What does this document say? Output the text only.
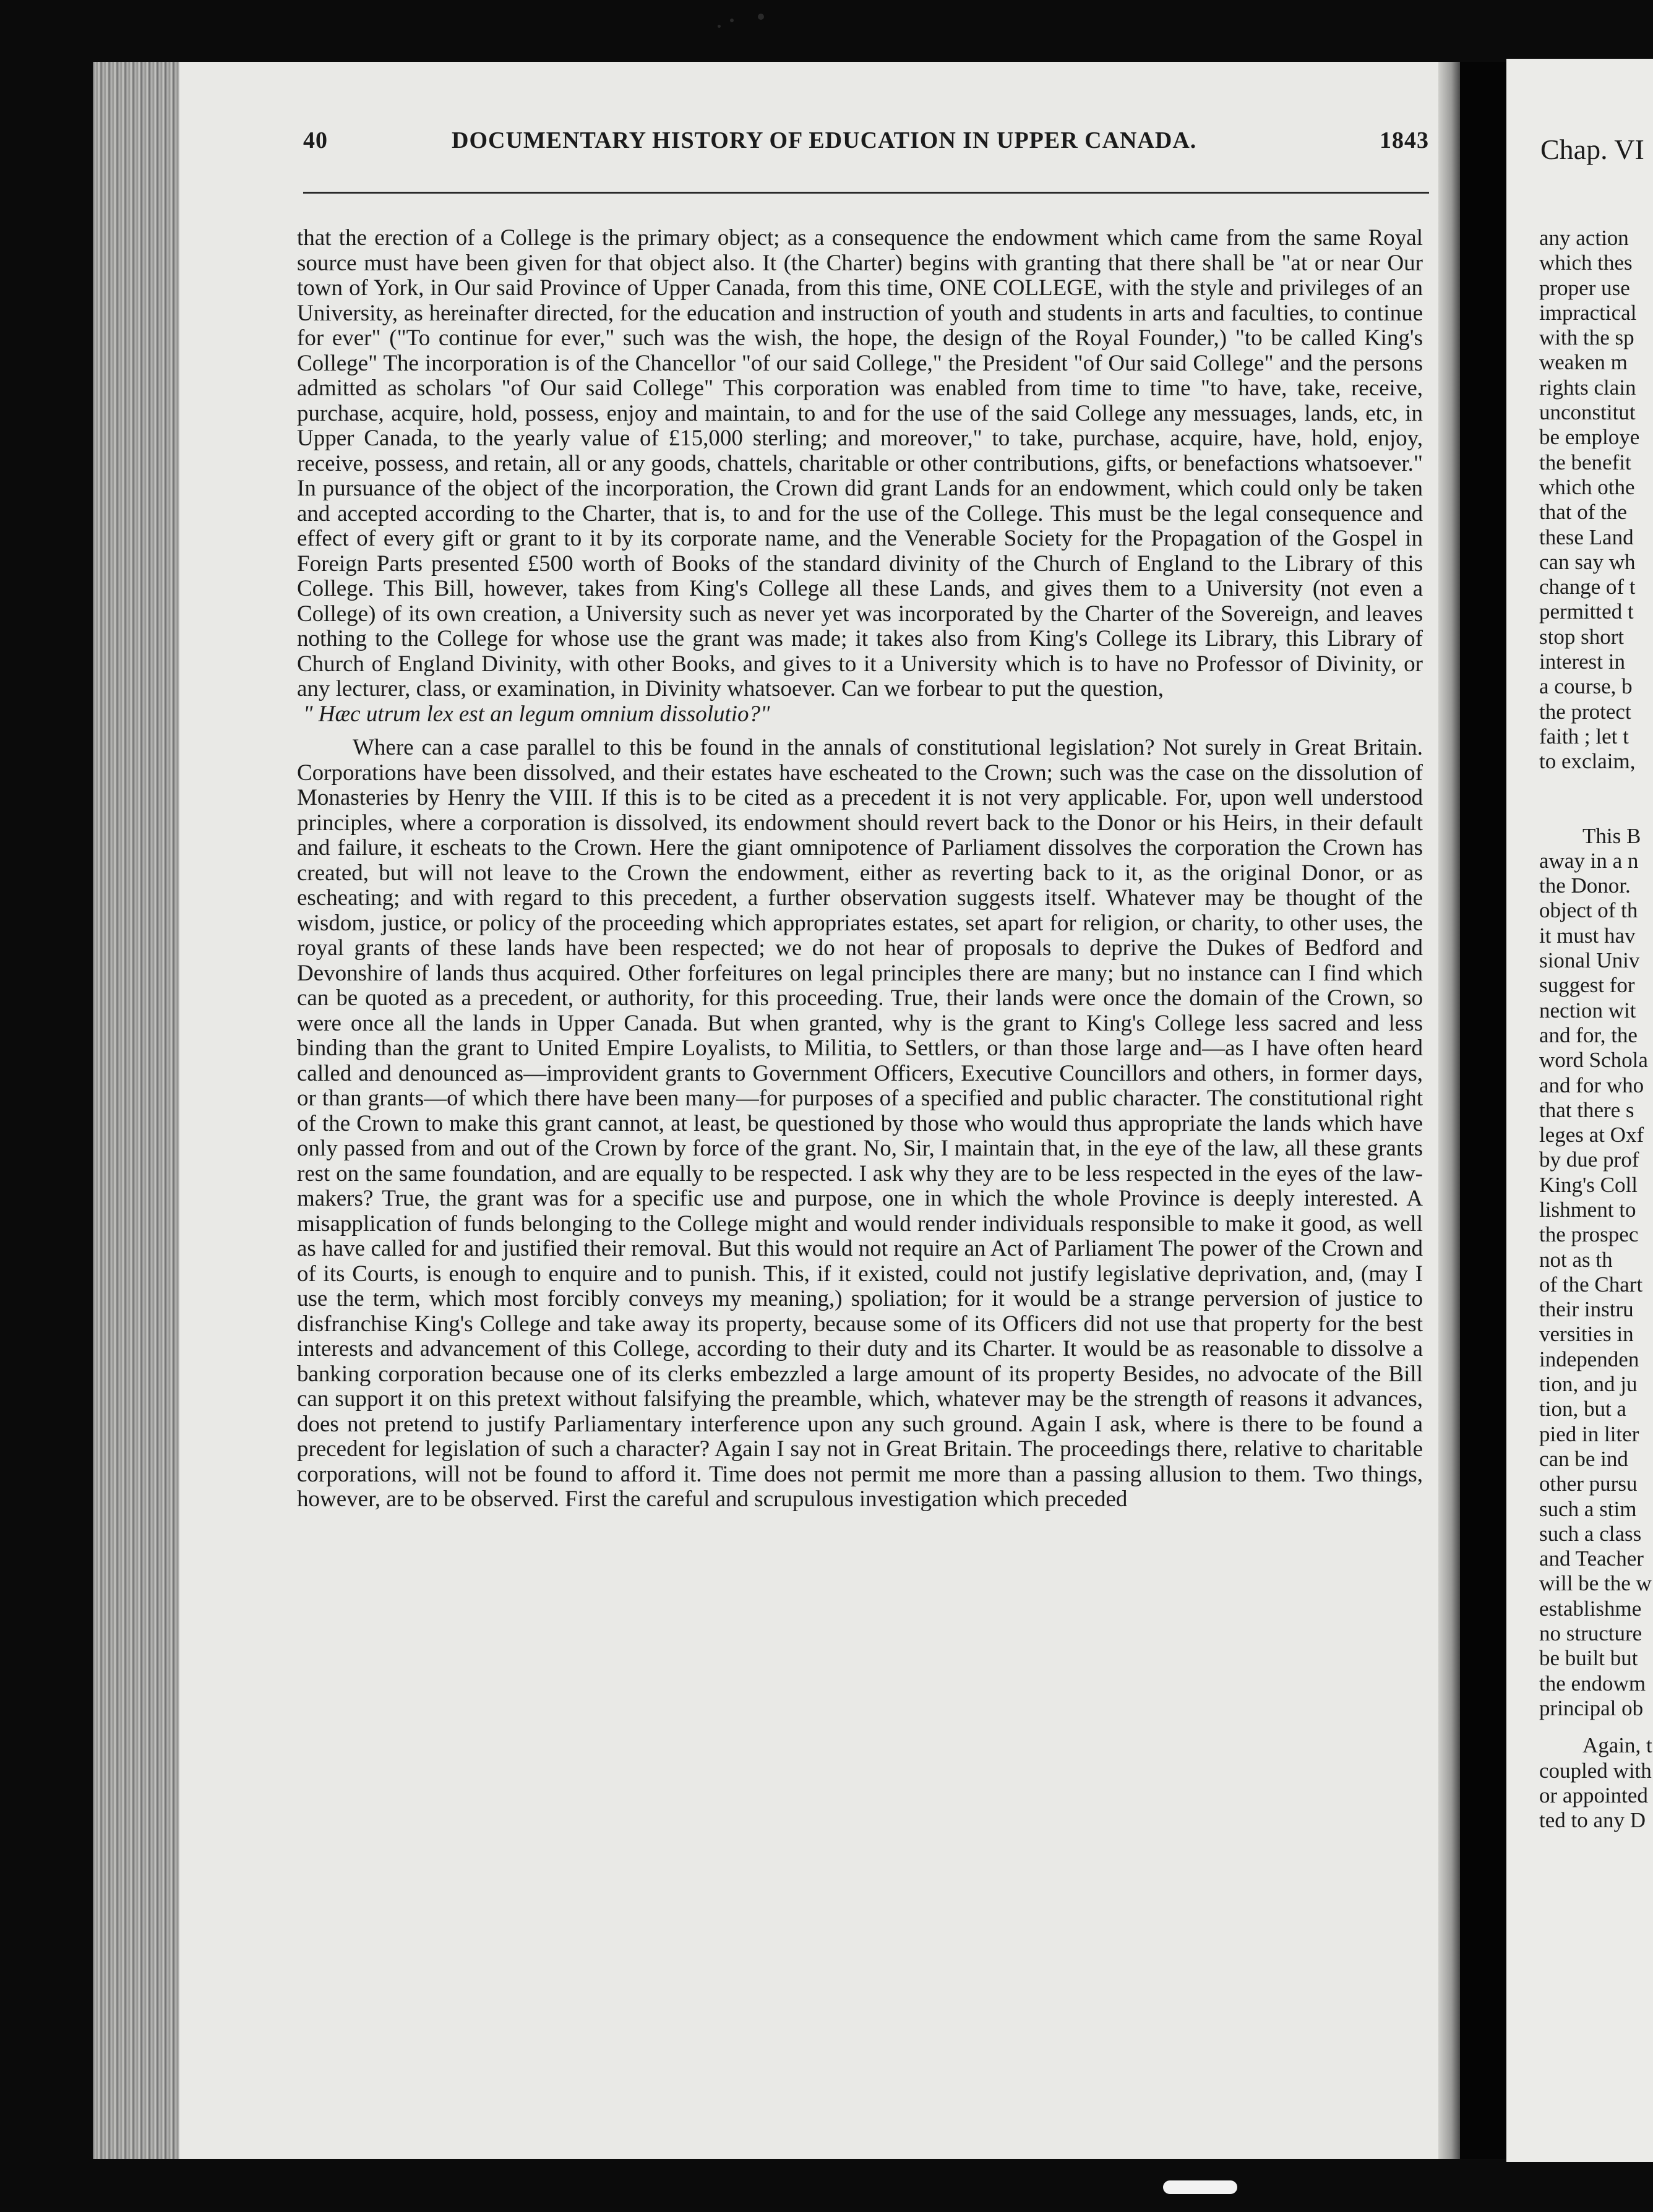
40	DOCUMENTARY HISTORY OF EDUCATION IN UPPER CANADA.	1843

that the erection of a College is the primary object; as a consequence the endowment which came from the same Royal source must have been given for that object also. It (the Charter) begins with granting that there shall be "at or near Our town of York, in Our said Province of Upper Canada, from this time, ONE COLLEGE, with the style and privileges of an University, as hereinafter directed, for the education and instruction of youth and students in arts and faculties, to continue for ever" ("To continue for ever," such was the wish, the hope, the design of the Royal Founder,) "to be called King's College" The incorporation is of the Chancellor "of our said College," the President "of Our said College" and the persons admitted as scholars "of Our said College" This corporation was enabled from time to time "to have, take, receive, purchase, acquire, hold, possess, enjoy and maintain, to and for the use of the said College any messuages, lands, etc, in Upper Canada, to the yearly value of £15,000 sterling; and moreover," to take, purchase, acquire, have, hold, enjoy, receive, possess, and retain, all or any goods, chattels, charitable or other contributions, gifts, or benefactions whatsoever." In pursuance of the object of the incorporation, the Crown did grant Lands for an endowment, which could only be taken and accepted according to the Charter, that is, to and for the use of the College. This must be the legal consequence and effect of every gift or grant to it by its corporate name, and the Venerable Society for the Propagation of the Gospel in Foreign Parts presented £500 worth of Books of the standard divinity of the Church of England to the Library of this College. This Bill, however, takes from King's College all these Lands, and gives them to a University (not even a College) of its own creation, a University such as never yet was incorporated by the Charter of the Sovereign, and leaves nothing to the College for whose use the grant was made; it takes also from King's College its Library, this Library of Church of England Divinity, with other Books, and gives to it a University which is to have no Professor of Divinity, or any lecturer, class, or examination, in Divinity whatsoever. Can we forbear to put the question,

" Hæc utrum lex est an legum omnium dissolutio?"

Where can a case parallel to this be found in the annals of constitutional legislation? Not surely in Great Britain. Corporations have been dissolved, and their estates have escheated to the Crown; such was the case on the dissolution of Monasteries by Henry the VIII. If this is to be cited as a precedent it is not very applicable. For, upon well understood principles, where a corporation is dissolved, its endowment should revert back to the Donor or his Heirs, in their default and failure, it escheats to the Crown. Here the giant omnipotence of Parliament dissolves the corporation the Crown has created, but will not leave to the Crown the endowment, either as reverting back to it, as the original Donor, or as escheating; and with regard to this precedent, a further observation suggests itself. Whatever may be thought of the wisdom, justice, or policy of the proceeding which appropriates estates, set apart for religion, or charity, to other uses, the royal grants of these lands have been respected; we do not hear of proposals to deprive the Dukes of Bedford and Devonshire of lands thus acquired. Other forfeitures on legal principles there are many; but no instance can I find which can be quoted as a precedent, or authority, for this proceeding. True, their lands were once the domain of the Crown, so were once all the lands in Upper Canada. But when granted, why is the grant to King's College less sacred and less binding than the grant to United Empire Loyalists, to Militia, to Settlers, or than those large and—as I have often heard called and denounced as—improvident grants to Government Officers, Executive Councillors and others, in former days, or than grants—of which there have been many—for purposes of a specified and public character. The constitutional right of the Crown to make this grant cannot, at least, be questioned by those who would thus appropriate the lands which have only passed from and out of the Crown by force of the grant. No, Sir, I maintain that, in the eye of the law, all these grants rest on the same foundation, and are equally to be respected. I ask why they are to be less respected in the eyes of the law-makers? True, the grant was for a specific use and purpose, one in which the whole Province is deeply interested. A misapplication of funds belonging to the College might and would render individuals responsible to make it good, as well as have called for and justified their removal. But this would not require an Act of Parliament The power of the Crown and of its Courts, is enough to enquire and to punish. This, if it existed, could not justify legislative deprivation, and, (may I use the term, which most forcibly conveys my meaning,) spoliation; for it would be a strange perversion of justice to disfranchise King's College and take away its property, because some of its Officers did not use that property for the best interests and advancement of this College, according to their duty and its Charter. It would be as reasonable to dissolve a banking corporation because one of its clerks embezzled a large amount of its property Besides, no advocate of the Bill can support it on this pretext without falsifying the preamble, which, whatever may be the strength of reasons it advances, does not pretend to justify Parliamentary interference upon any such ground. Again I ask, where is there to be found a precedent for legislation of such a character? Again I say not in Great Britain. The proceedings there, relative to charitable corporations, will not be found to afford it. Time does not permit me more than a passing allusion to them. Two things, however, are to be observed. First the careful and scrupulous investigation which preceded

Chap. VI
any action
which thes
proper use
impractical
with the sp
weaken m
rights clain
unconstitut
be employe
the benefit
which othe
that of the
these Land
can say wh
change of t
permitted t
stop short
interest in
a course, b
the protect
faith ; let t
to exclaim,
This B
away in a n
the Donor.
object of th
it must hav
sional Univ
suggest for
nection wit
and for, the
word Schola
and for who
that there s
leges at Oxf
by due prof
King's Coll
lishment to
the prospec
not as th
of the Chart
their instru
versities in
independen
tion, and ju
tion, but a
pied in liter
can be ind
other pursu
such a stim
such a class
and Teacher
will be the w
establishme
no structure
be built but
the endowm
principal ob
Again, t
coupled with
or appointed
ted to any D
